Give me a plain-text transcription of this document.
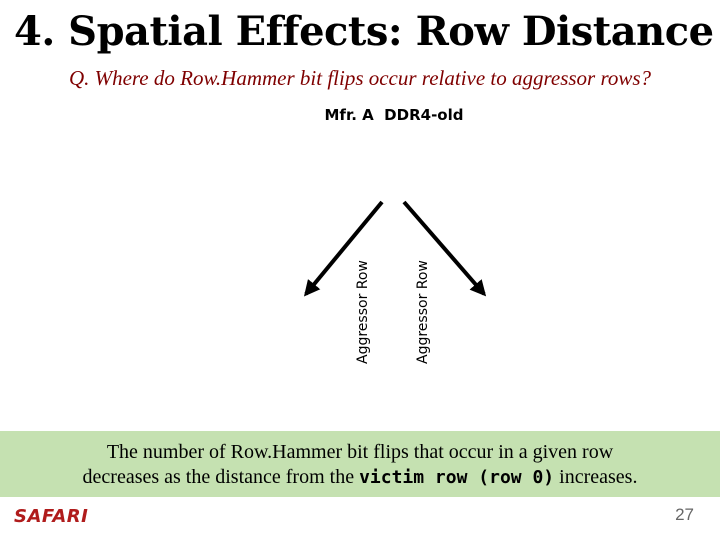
4. Spatial Effects: Row Distance
Q. Where do Row.Hammer bit flips occur relative to aggressor rows?
Mfr. A  DDR4-old
Aggressor Row	Aggressor Row
The number of Row.Hammer bit flips that occur in a given row
decreases as the distance from the victim row (row 0) increases.
SAFARI	27
